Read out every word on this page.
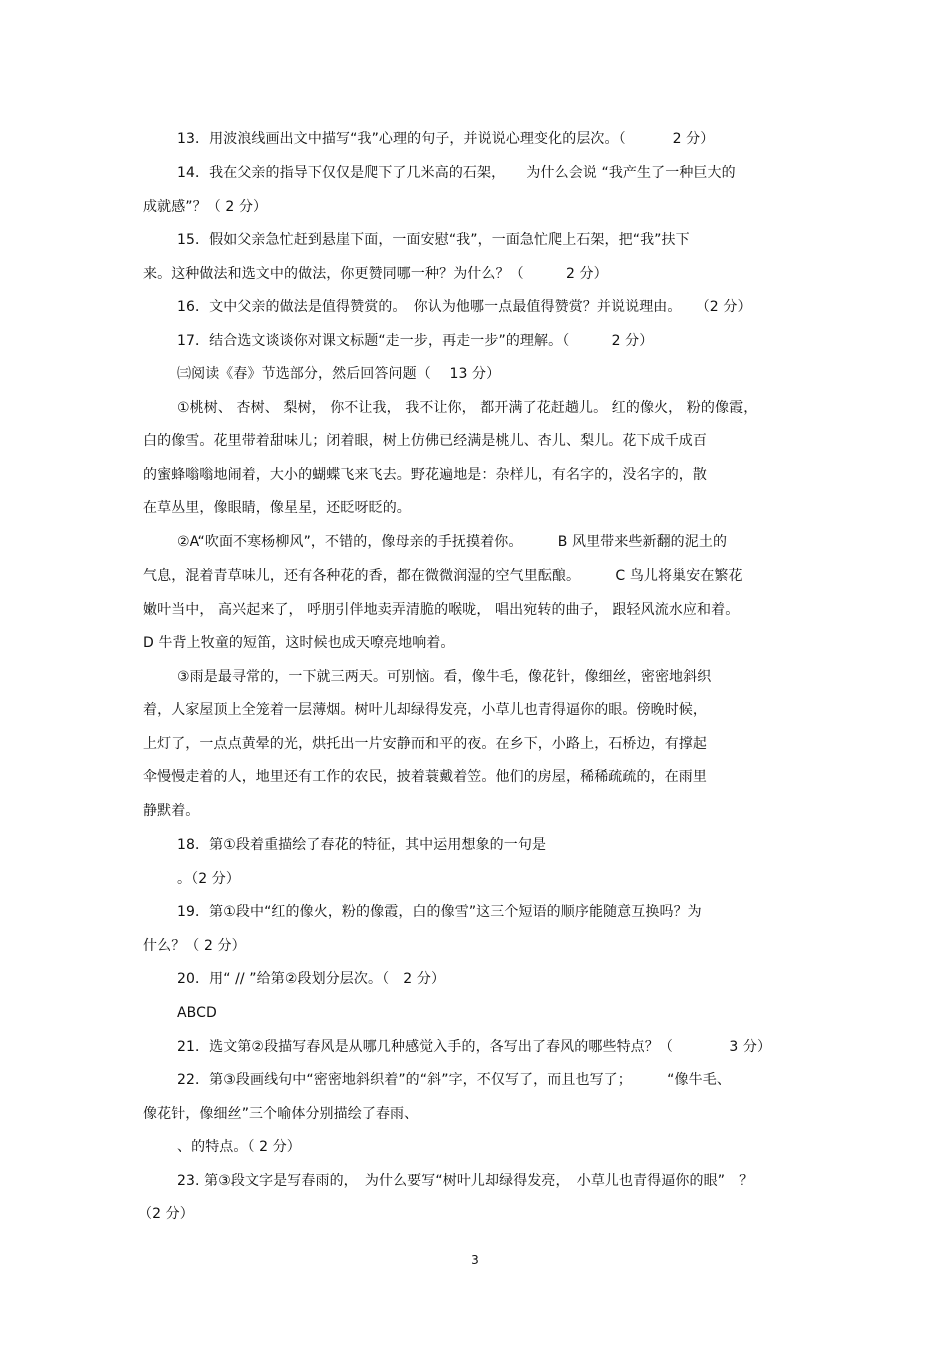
13．用波浪线画出文中描写“我”心理的句子，并说说心理变化的层次。（　　　 2 分）
14．我在父亲的指导下仅仅是爬下了几米高的石架，　　为什么会说 “我产生了一种巨大的
成就感”？（ 2 分）
15．假如父亲急忙赶到悬崖下面，一面安慰“我”，一面急忙爬上石架，把“我”扶下
来。这种做法和选文中的做法，你更赞同哪一种？为什么？（　　　2 分）
16．文中父亲的做法是值得赞赏的。　你认为他哪一点最值得赞赏？并说说理由。　　（2 分）
17．结合选文谈谈你对课文标题“走一步，再走一步”的理解。（　　　2 分）
㈢阅读《春》节选部分，然后回答问题（　 13 分）
①桃树、 杏树、 梨树， 你不让我， 我不让你， 都开满了花赶趟儿。 红的像火， 粉的像霞，
白的像雪。花里带着甜味儿；闭着眼，树上仿佛已经满是桃儿、杏儿、梨儿。花下成千成百
的蜜蜂嗡嗡地闹着，大小的蝴蝶飞来飞去。野花遍地是：杂样儿，有名字的，没名字的，散
在草丛里，像眼睛，像星星，还眨呀眨的。
②A“吹面不寒杨柳风”，不错的，像母亲的手抚摸着你。　　　B 风里带来些新翻的泥土的
气息，混着青草味儿，还有各种花的香，都在微微润湿的空气里酝酿。　　　C 鸟儿将巢安在繁花
嫩叶当中， 高兴起来了， 呼朋引伴地卖弄清脆的喉咙， 唱出宛转的曲子， 跟轻风流水应和着。
D 牛背上牧童的短笛，这时候也成天嘹亮地响着。
③雨是最寻常的，一下就三两天。可别恼。看，像牛毛，像花针，像细丝，密密地斜织
着，人家屋顶上全笼着一层薄烟。树叶儿却绿得发亮，小草儿也青得逼你的眼。傍晚时候，
上灯了，一点点黄晕的光，烘托出一片安静而和平的夜。在乡下，小路上，石桥边，有撑起
伞慢慢走着的人，地里还有工作的农民，披着蓑戴着笠。他们的房屋，稀稀疏疏的，在雨里
静默着。
18．第①段着重描绘了春花的特征，其中运用想象的一句是
。（2 分）
19．第①段中“红的像火，粉的像霞，白的像雪”这三个短语的顺序能随意互换吗？为
什么？（ 2 分）
20．用“ // ”给第②段划分层次。（　2 分）
ABCD
21．选文第②段描写春风是从哪几种感觉入手的，各写出了春风的哪些特点？（　　　　3 分）
22．第③段画线句中“密密地斜织着”的“斜”字，不仅写了，而且也写了；　　　“像牛毛、
像花针，像细丝”三个喻体分别描绘了春雨、
、的特点。（ 2 分）
23. 第③段文字是写春雨的，　为什么要写“树叶儿却绿得发亮，　小草儿也青得逼你的眼”　？
（2 分）
3
